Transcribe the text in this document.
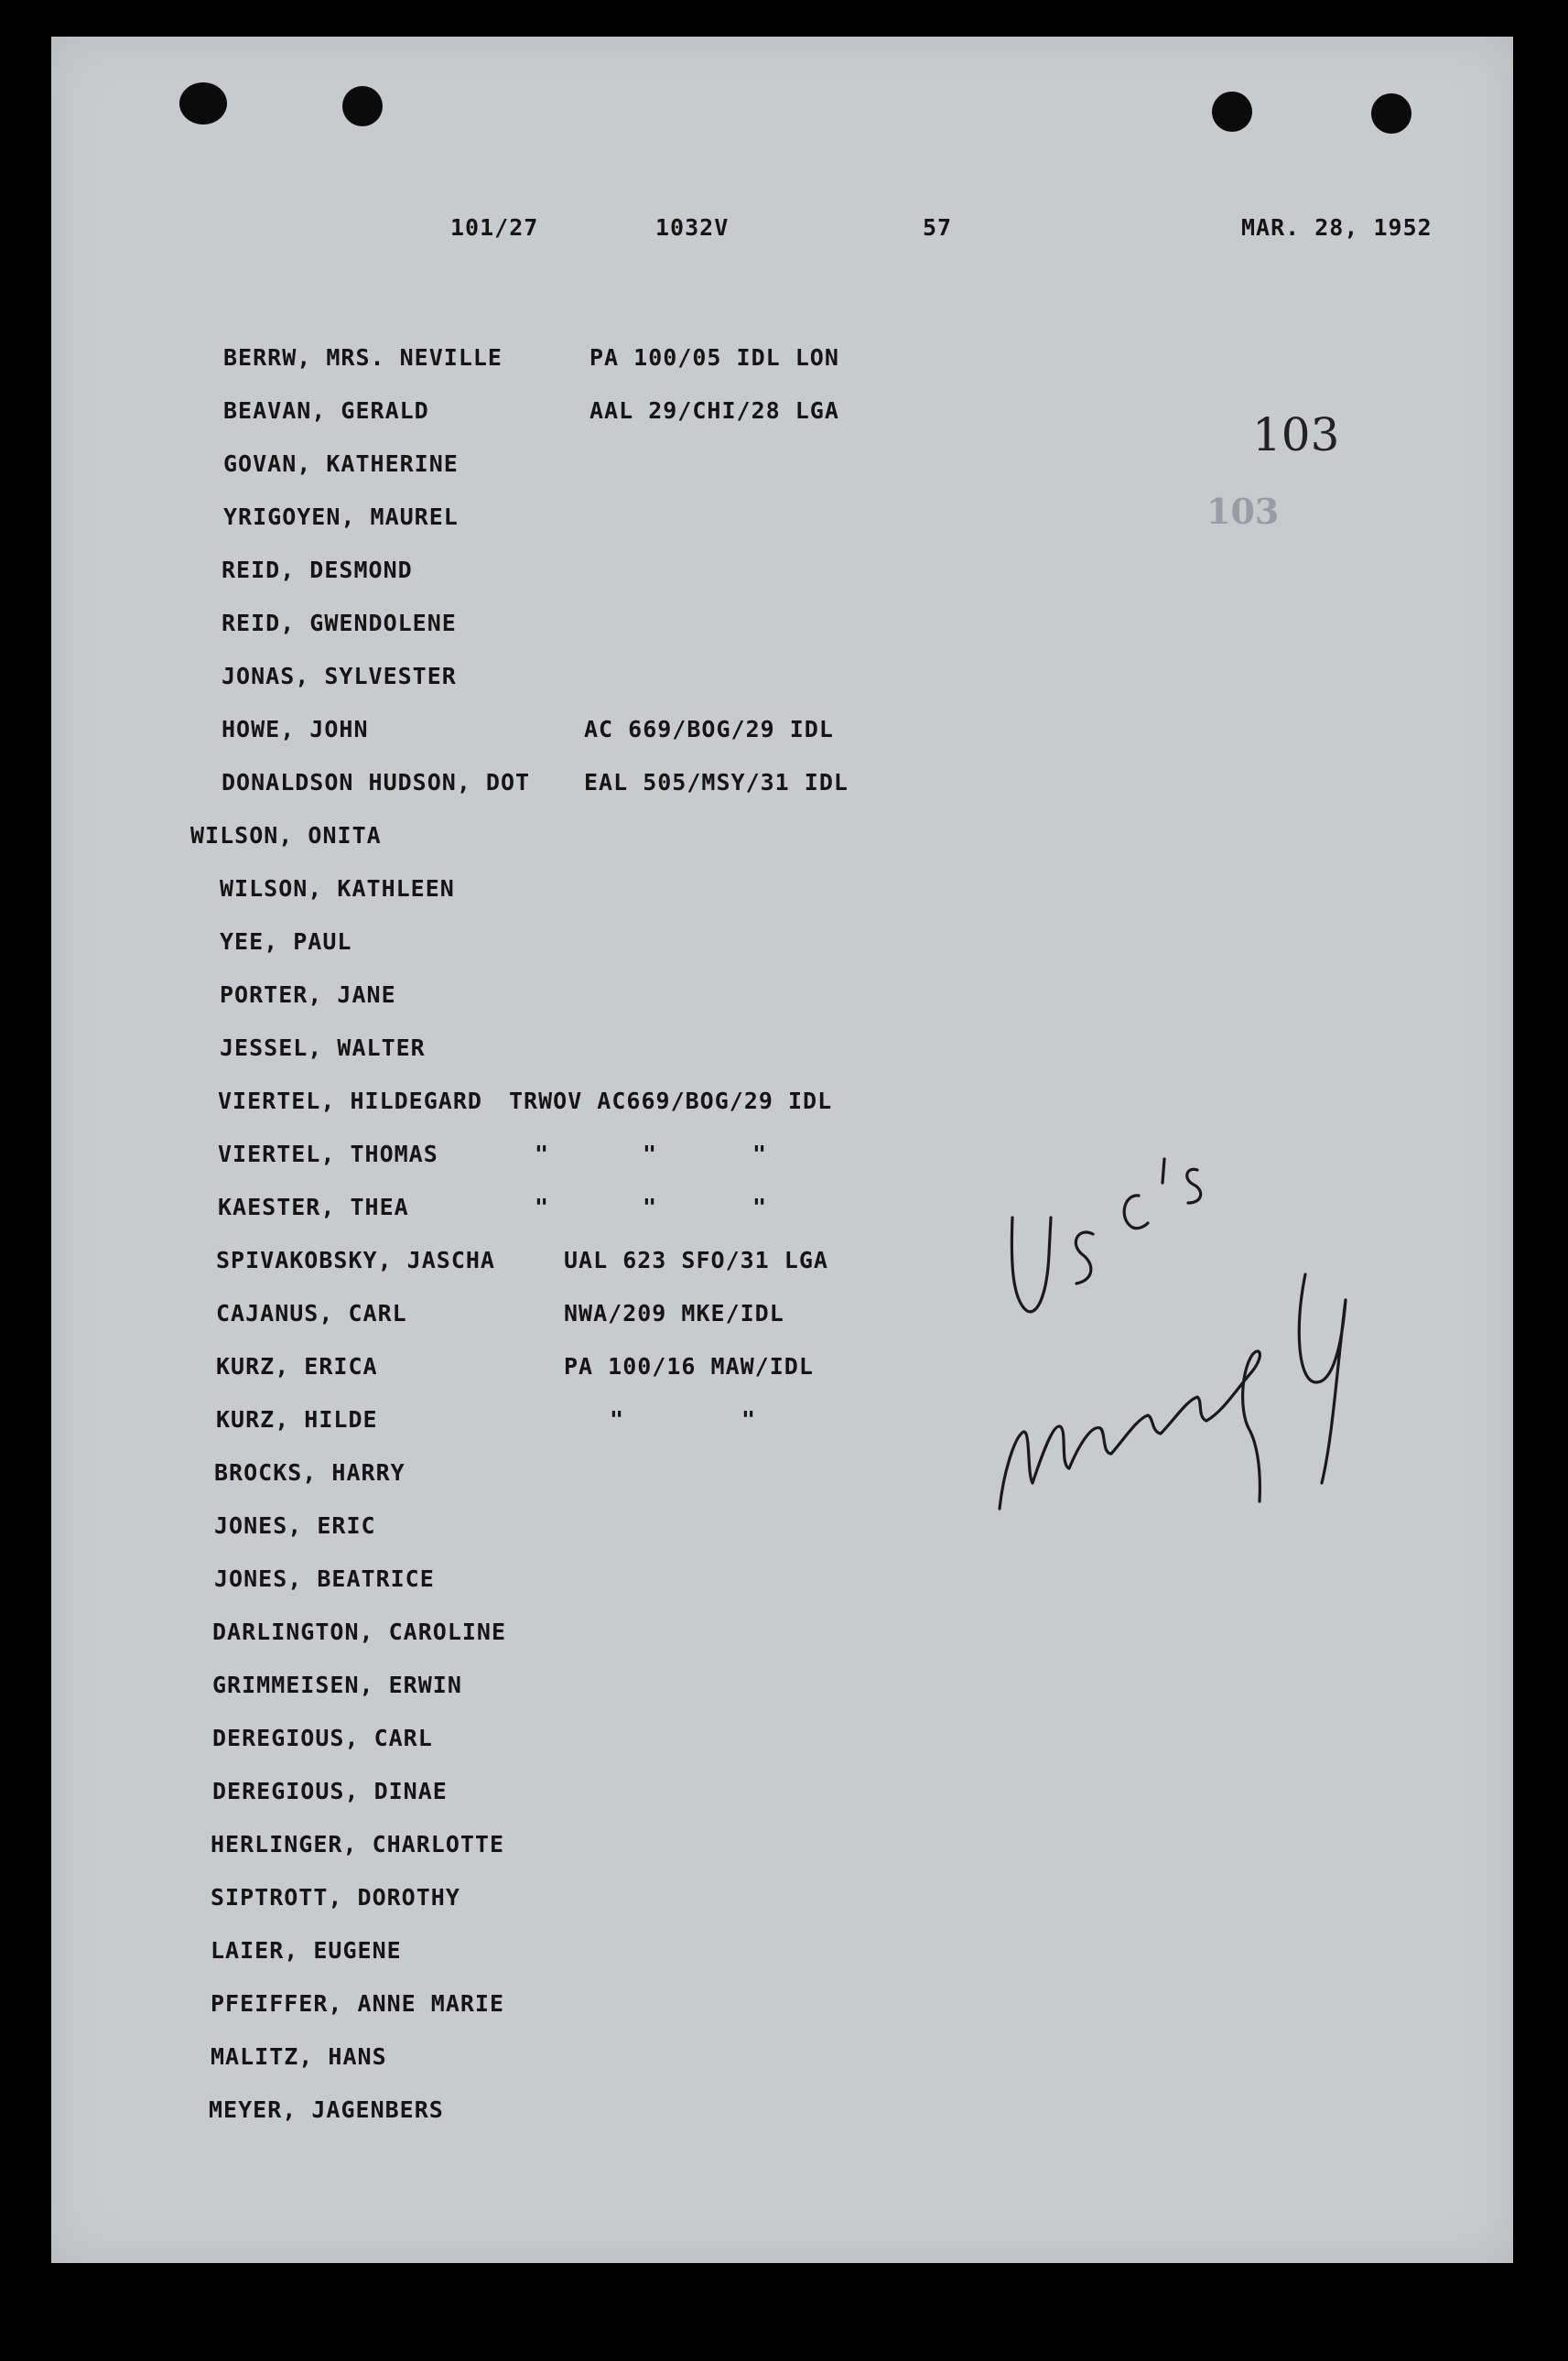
101/27	1032V	57	MAR. 28, 1952
103
103
BERRW, MRS. NEVILLE	PA 100/05 IDL LON
BEAVAN, GERALD	AAL 29/CHI/28 LGA
GOVAN, KATHERINE
YRIGOYEN, MAUREL
REID, DESMOND
REID, GWENDOLENE
JONAS, SYLVESTER
HOWE, JOHN	AC 669/BOG/29 IDL
DONALDSON HUDSON, DOT EAL 505/MSY/31 IDL
WILSON, ONITA
WILSON, KATHLEEN
YEE, PAUL
PORTER, JANE
JESSEL, WALTER
VIERTEL, HILDEGARD TRWOV AC669/BOG/29 IDL
VIERTEL, THOMAS	"	"	"
KAESTER, THEA	"	"	"
SPIVAKOBSKY, JASCHA	UAL 623 SFO/31 LGA
CAJANUS, CARL	NWA/209 MKE/IDL
KURZ, ERICA	PA 100/16 MAW/IDL
KURZ, HILDE	"	"
BROCKS, HARRY
JONES, ERIC
JONES, BEATRICE
DARLINGTON, CAROLINE
GRIMMEISEN, ERWIN
DEREGIOUS, CARL
DEREGIOUS, DINAE
HERLINGER, CHARLOTTE
SIPTROTT, DOROTHY
LAIER, EUGENE
PFEIFFER, ANNE MARIE
MALITZ, HANS
MEYER, JAGENBERS
